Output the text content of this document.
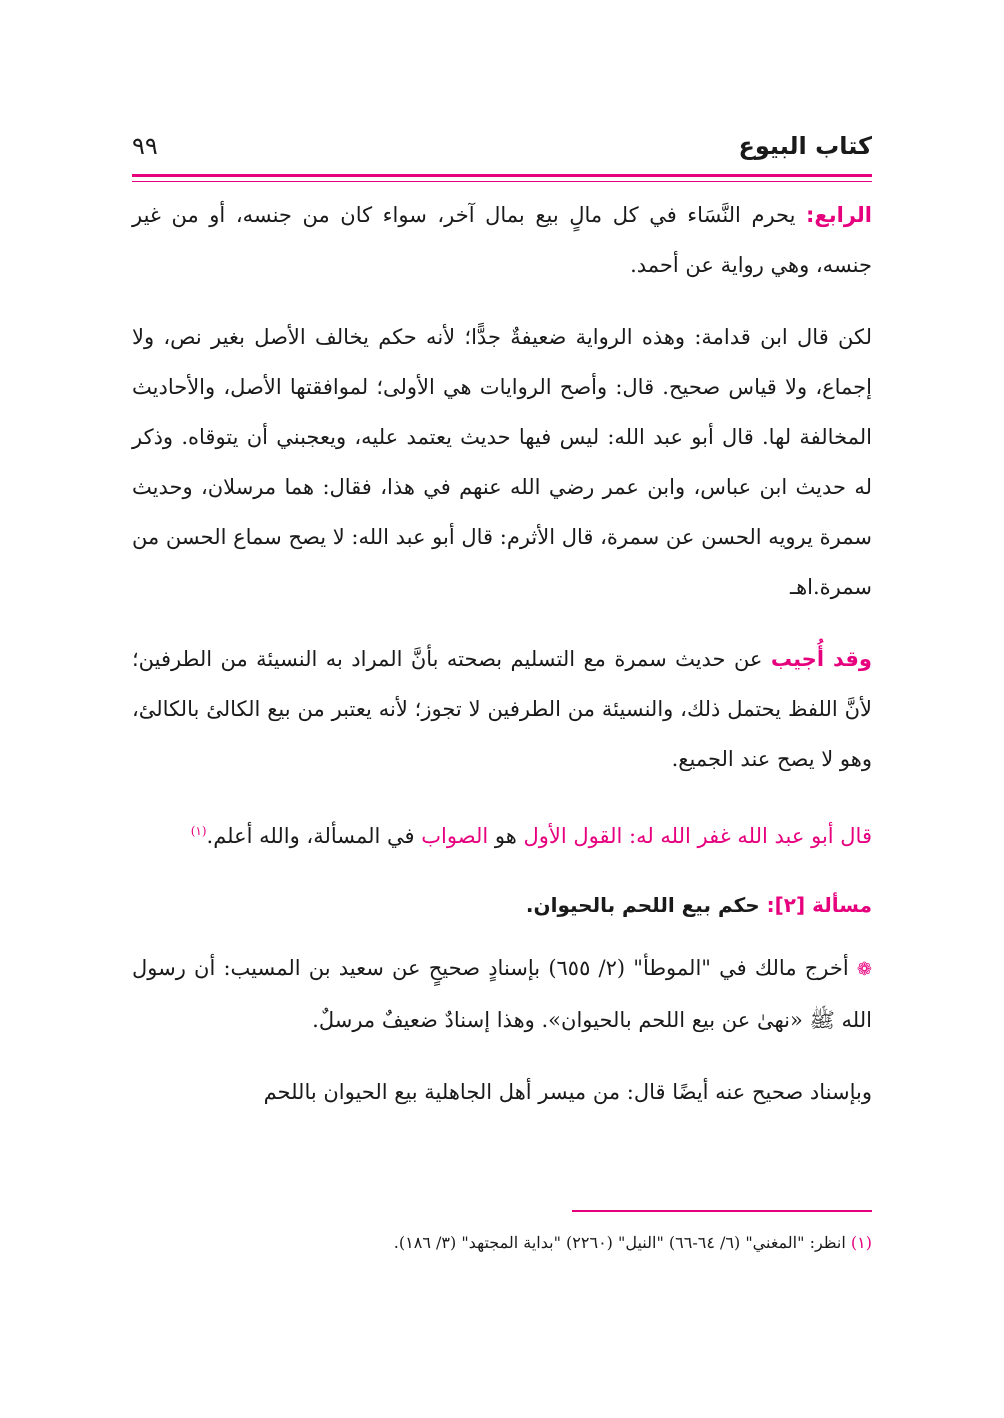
كتاب البيوع
٩٩

الرابع: يحرم النَّسَاء في كل مالٍ بيع بمال آخر، سواء كان من جنسه، أو من غير جنسه، وهي رواية عن أحمد.

لكن قال ابن قدامة: وهذه الرواية ضعيفةٌ جدًّا؛ لأنه حكم يخالف الأصل بغير نص، ولا إجماع، ولا قياس صحيح. قال: وأصح الروايات هي الأولى؛ لموافقتها الأصل، والأحاديث المخالفة لها. قال أبو عبد الله: ليس فيها حديث يعتمد عليه، ويعجبني أن يتوقاه. وذكر له حديث ابن عباس، وابن عمر رضي الله عنهم في هذا، فقال: هما مرسلان، وحديث سمرة يرويه الحسن عن سمرة، قال الأثرم: قال أبو عبد الله: لا يصح سماع الحسن من سمرة.اهـ

وقد أُجيب عن حديث سمرة مع التسليم بصحته بأنَّ المراد به النسيئة من الطرفين؛ لأنَّ اللفظ يحتمل ذلك، والنسيئة من الطرفين لا تجوز؛ لأنه يعتبر من بيع الكالئ بالكالئ، وهو لا يصح عند الجميع.

قال أبو عبد الله غفر الله له: القول الأول هو الصواب في المسألة، والله أعلم.$^{(١)}$

مسألة [٢]: حكم بيع اللحم بالحيوان.

❁ أخرج مالك في "الموطأ" (٢/ ٦٥٥) بإسنادٍ صحيحٍ عن سعيد بن المسيب: أن رسول الله ﷺ «نهىٰ عن بيع اللحم بالحيوان». وهذا إسنادٌ ضعيفٌ مرسلٌ.

وبإسناد صحيح عنه أيضًا قال: من ميسر أهل الجاهلية بيع الحيوان باللحم

(١) انظر: "المغني" (٦/ ٦٤-٦٦) "النيل" (٢٢٦٠) "بداية المجتهد" (٣/ ١٨٦).
